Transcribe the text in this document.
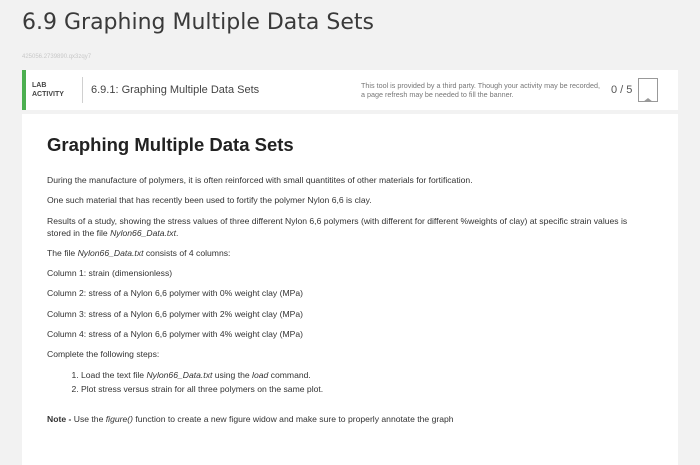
6.9 Graphing Multiple Data Sets
425056.2739890.qx3zqy7
LAB
ACTIVITY	6.9.1: Graphing Multiple Data Sets	This tool is provided by a third party. Though your activity may be recorded, a page refresh may be needed to fill the banner.	0 / 5
Graphing Multiple Data Sets

During the manufacture of polymers, it is often reinforced with small quantitites of other materials for fortification.

One such material that has recently been used to fortify the polymer Nylon 6,6 is clay.

Results of a study, showing the stress values of three different Nylon 6,6 polymers (with different for different %weights of clay) at specific strain values is stored in the file Nylon66_Data.txt.

The file Nylon66_Data.txt consists of 4 columns:

Column 1: strain (dimensionless)

Column 2: stress of a Nylon 6,6 polymer with 0% weight clay (MPa)

Column 3: stress of a Nylon 6,6 polymer with 2% weight clay (MPa)

Column 4: stress of a Nylon 6,6 polymer with 4% weight clay (MPa)

Complete the following steps:

1. Load the text file Nylon66_Data.txt using the load command.
2. Plot stress versus strain for all three polymers on the same plot.

Note - Use the figure() function to create a new figure widow and make sure to properly annotate the graph
